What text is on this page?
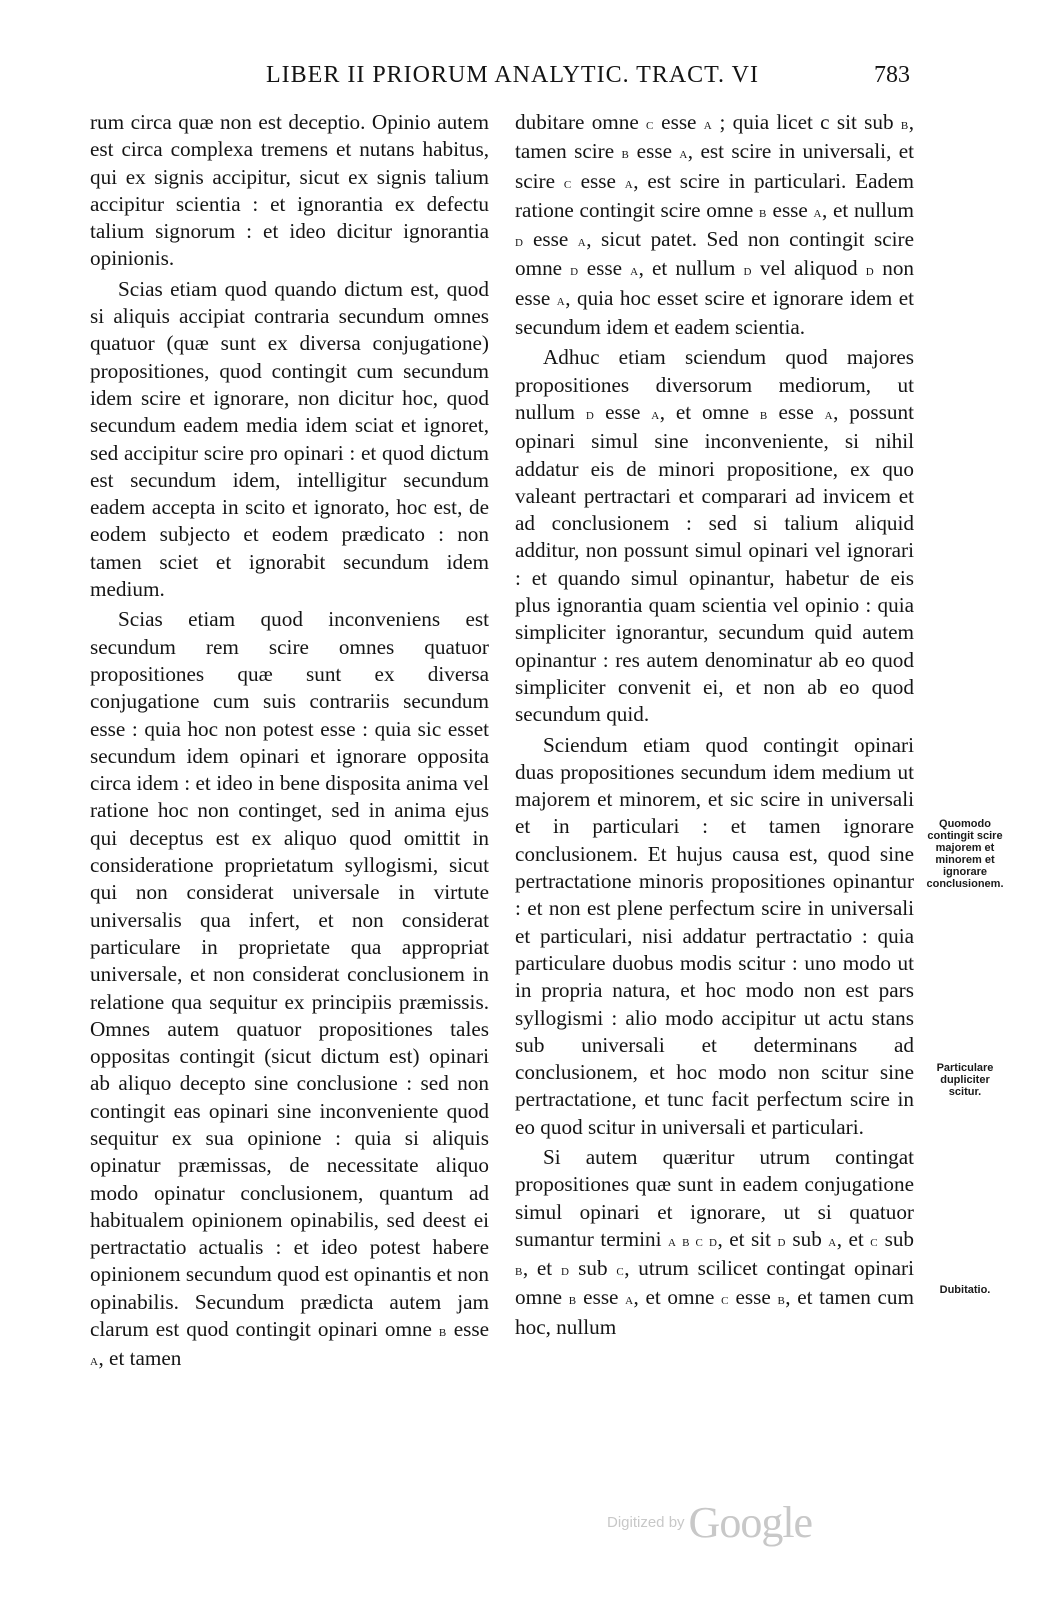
LIBER II PRIORUM ANALYTIC. TRACT. VI	783

rum circa quæ non est deceptio. Opinio autem est circa complexa tremens et nutans habitus, qui ex signis accipitur, sicut ex signis talium accipitur scientia : et ignorantia ex defectu talium signorum : et ideo dicitur ignorantia opinionis.

Scias etiam quod quando dictum est, quod si aliquis accipiat contraria secundum omnes quatuor (quæ sunt ex diversa conjugatione) propositiones, quod contingit cum secundum idem scire et ignorare, non dicitur hoc, quod secundum eadem media idem sciat et ignoret, sed accipitur scire pro opinari : et quod dictum est secundum idem, intelligitur secundum eadem accepta in scito et ignorato, hoc est, de eodem subjecto et eodem prædicato : non tamen sciet et ignorabit secundum idem medium.

Scias etiam quod inconveniens est secundum rem scire omnes quatuor propositiones quæ sunt ex diversa conjugatione cum suis contrariis secundum esse : quia hoc non potest esse : quia sic esset secundum idem opinari et ignorare opposita circa idem : et ideo in bene disposita anima vel ratione hoc non continget, sed in anima ejus qui deceptus est ex aliquo quod omittit in consideratione proprietatum syllogismi, sicut qui non considerat universale in virtute universalis qua infert, et non considerat particulare in proprietate qua appropriat universale, et non considerat conclusionem in relatione qua sequitur ex principiis præmissis. Omnes autem quatuor propositiones tales oppositas contingit (sicut dictum est) opinari ab aliquo decepto sine conclusione : sed non contingit eas opinari sine inconveniente quod sequitur ex sua opinione : quia si aliquis opinatur præmissas, de necessitate aliquo modo opinatur conclusionem, quantum ad habitualem opinionem opinabilis, sed deest ei pertractatio actualis : et ideo potest habere opinionem secundum quod est opinantis et non opinabilis. Secundum prædicta autem jam clarum est quod contingit opinari omne b esse a, et tamen

dubitare omne c esse a ; quia licet c sit sub b, tamen scire b esse a, est scire in universali, et scire c esse a, est scire in particulari. Eadem ratione contingit scire omne b esse a, et nullum d esse a, sicut patet. Sed non contingit scire omne d esse a, et nullum d vel aliquod d non esse a, quia hoc esset scire et ignorare idem et secundum idem et eadem scientia.

Adhuc etiam sciendum quod majores propositiones diversorum mediorum, ut nullum d esse a, et omne b esse a, possunt opinari simul sine inconveniente, si nihil addatur eis de minori propositione, ex quo valeant pertractari et comparari ad invicem et ad conclusionem : sed si talium aliquid additur, non possunt simul opinari vel ignorari : et quando simul opinantur, habetur de eis plus ignorantia quam scientia vel opinio : quia simpliciter ignorantur, secundum quid autem opinantur : res autem denominatur ab eo quod simpliciter convenit ei, et non ab eo quod secundum quid.

Sciendum etiam quod contingit opinari duas propositiones secundum idem medium ut majorem et minorem, et sic scire in universali et in particulari : et tamen ignorare conclusionem. Et hujus causa est, quod sine pertractatione minoris propositiones opinantur : et non est plene perfectum scire in universali et particulari, nisi addatur pertractatio : quia particulare duobus modis scitur : uno modo ut in propria natura, et hoc modo non est pars syllogismi : alio modo accipitur ut actu stans sub universali et determinans ad conclusionem, et hoc modo non scitur sine pertractatione, et tunc facit perfectum scire in eo quod scitur in universali et particulari.

Si autem quæritur utrum contingat propositiones quæ sunt in eadem conjugatione simul opinari et ignorare, ut si quatuor sumantur termini a b c d, et sit d sub a, et c sub b, et d sub c, utrum scilicet contingat opinari omne b esse a, et omne c esse b, et tamen cum hoc, nullum

Quomodo contingit scire majorem et minorem et ignorare conclusionem.
Particulare dupliciter scitur.
Dubitatio.
Digitized by Google
